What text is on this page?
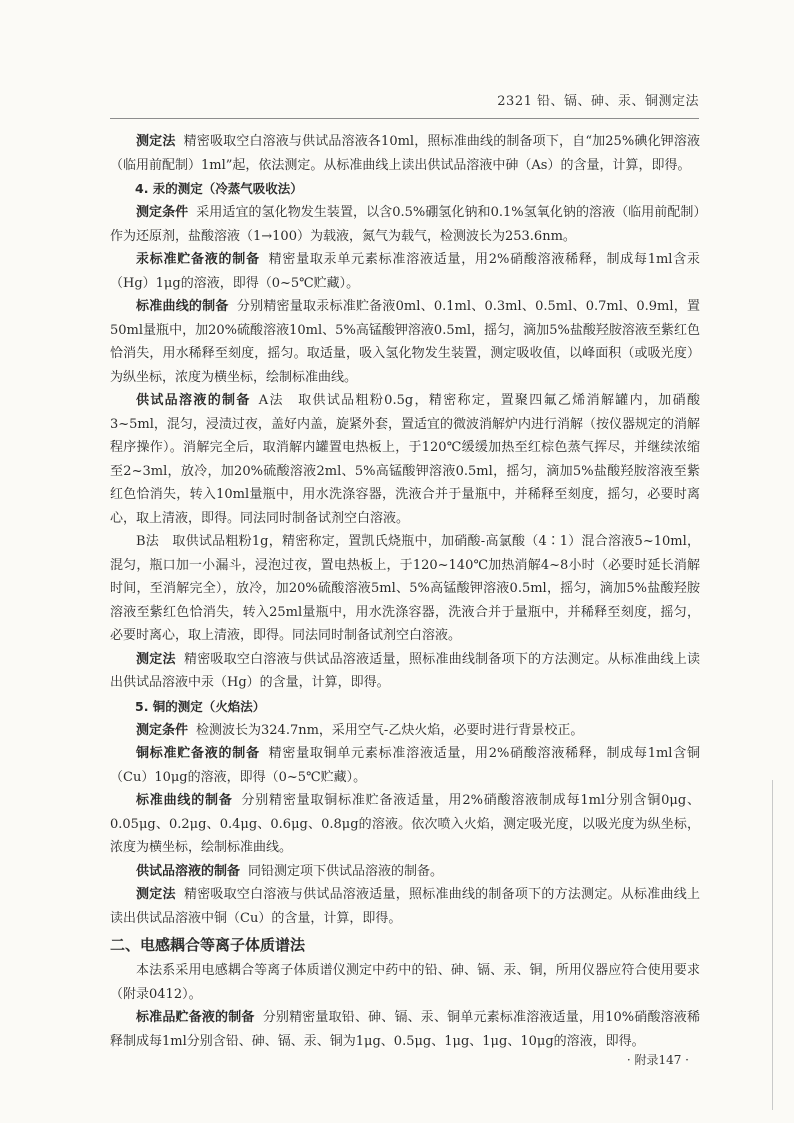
2321 铅、镉、砷、汞、铜测定法

测定法 精密吸取空白溶液与供试品溶液各10ml，照标准曲线的制备项下，自“加25%碘化钾溶液（临用前配制）1ml”起，依法测定。从标准曲线上读出供试品溶液中砷（As）的含量，计算，即得。

4. 汞的测定（冷蒸气吸收法）

测定条件 采用适宜的氢化物发生装置，以含0.5%硼氢化钠和0.1%氢氧化钠的溶液（临用前配制）作为还原剂，盐酸溶液（1→100）为载液，氮气为载气，检测波长为253.6nm。

汞标准贮备液的制备 精密量取汞单元素标准溶液适量，用2%硝酸溶液稀释，制成每1ml含汞（Hg）1μg的溶液，即得（0~5℃贮藏）。

标准曲线的制备 分别精密量取汞标准贮备液0ml、0.1ml、0.3ml、0.5ml、0.7ml、0.9ml，置50ml量瓶中，加20%硫酸溶液10ml、5%高锰酸钾溶液0.5ml，摇匀，滴加5%盐酸羟胺溶液至紫红色恰消失，用水稀释至刻度，摇匀。取适量，吸入氢化物发生装置，测定吸收值，以峰面积（或吸光度）为纵坐标，浓度为横坐标，绘制标准曲线。

供试品溶液的制备 A法　取供试品粗粉0.5g，精密称定，置聚四氟乙烯消解罐内，加硝酸3~5ml，混匀，浸渍过夜，盖好内盖，旋紧外套，置适宜的微波消解炉内进行消解（按仪器规定的消解程序操作）。消解完全后，取消解内罐置电热板上，于120℃缓缓加热至红棕色蒸气挥尽，并继续浓缩至2~3ml，放冷，加20%硫酸溶液2ml、5%高锰酸钾溶液0.5ml，摇匀，滴加5%盐酸羟胺溶液至紫红色恰消失，转入10ml量瓶中，用水洗涤容器，洗液合并于量瓶中，并稀释至刻度，摇匀，必要时离心，取上清液，即得。同法同时制备试剂空白溶液。

B法　取供试品粗粉1g，精密称定，置凯氏烧瓶中，加硝酸-高氯酸（4∶1）混合溶液5~10ml，混匀，瓶口加一小漏斗，浸泡过夜，置电热板上，于120~140℃加热消解4~8小时（必要时延长消解时间，至消解完全），放冷，加20%硫酸溶液5ml、5%高锰酸钾溶液0.5ml，摇匀，滴加5%盐酸羟胺溶液至紫红色恰消失，转入25ml量瓶中，用水洗涤容器，洗液合并于量瓶中，并稀释至刻度，摇匀，必要时离心，取上清液，即得。同法同时制备试剂空白溶液。

测定法 精密吸取空白溶液与供试品溶液适量，照标准曲线制备项下的方法测定。从标准曲线上读出供试品溶液中汞（Hg）的含量，计算，即得。

5. 铜的测定（火焰法）

测定条件 检测波长为324.7nm，采用空气-乙炔火焰，必要时进行背景校正。

铜标准贮备液的制备 精密量取铜单元素标准溶液适量，用2%硝酸溶液稀释，制成每1ml含铜（Cu）10μg的溶液，即得（0~5℃贮藏）。

标准曲线的制备 分别精密量取铜标准贮备液适量，用2%硝酸溶液制成每1ml分别含铜0μg、0.05μg、0.2μg、0.4μg、0.6μg、0.8μg的溶液。依次喷入火焰，测定吸光度，以吸光度为纵坐标，浓度为横坐标，绘制标准曲线。

供试品溶液的制备 同铅测定项下供试品溶液的制备。

测定法 精密吸取空白溶液与供试品溶液适量，照标准曲线的制备项下的方法测定。从标准曲线上读出供试品溶液中铜（Cu）的含量，计算，即得。

二、电感耦合等离子体质谱法

本法系采用电感耦合等离子体质谱仪测定中药中的铅、砷、镉、汞、铜，所用仪器应符合使用要求（附录0412）。

标准品贮备液的制备 分别精密量取铅、砷、镉、汞、铜单元素标准溶液适量，用10%硝酸溶液稀释制成每1ml分别含铅、砷、镉、汞、铜为1μg、0.5μg、1μg、1μg、10μg的溶液，即得。

· 附录147 ·
